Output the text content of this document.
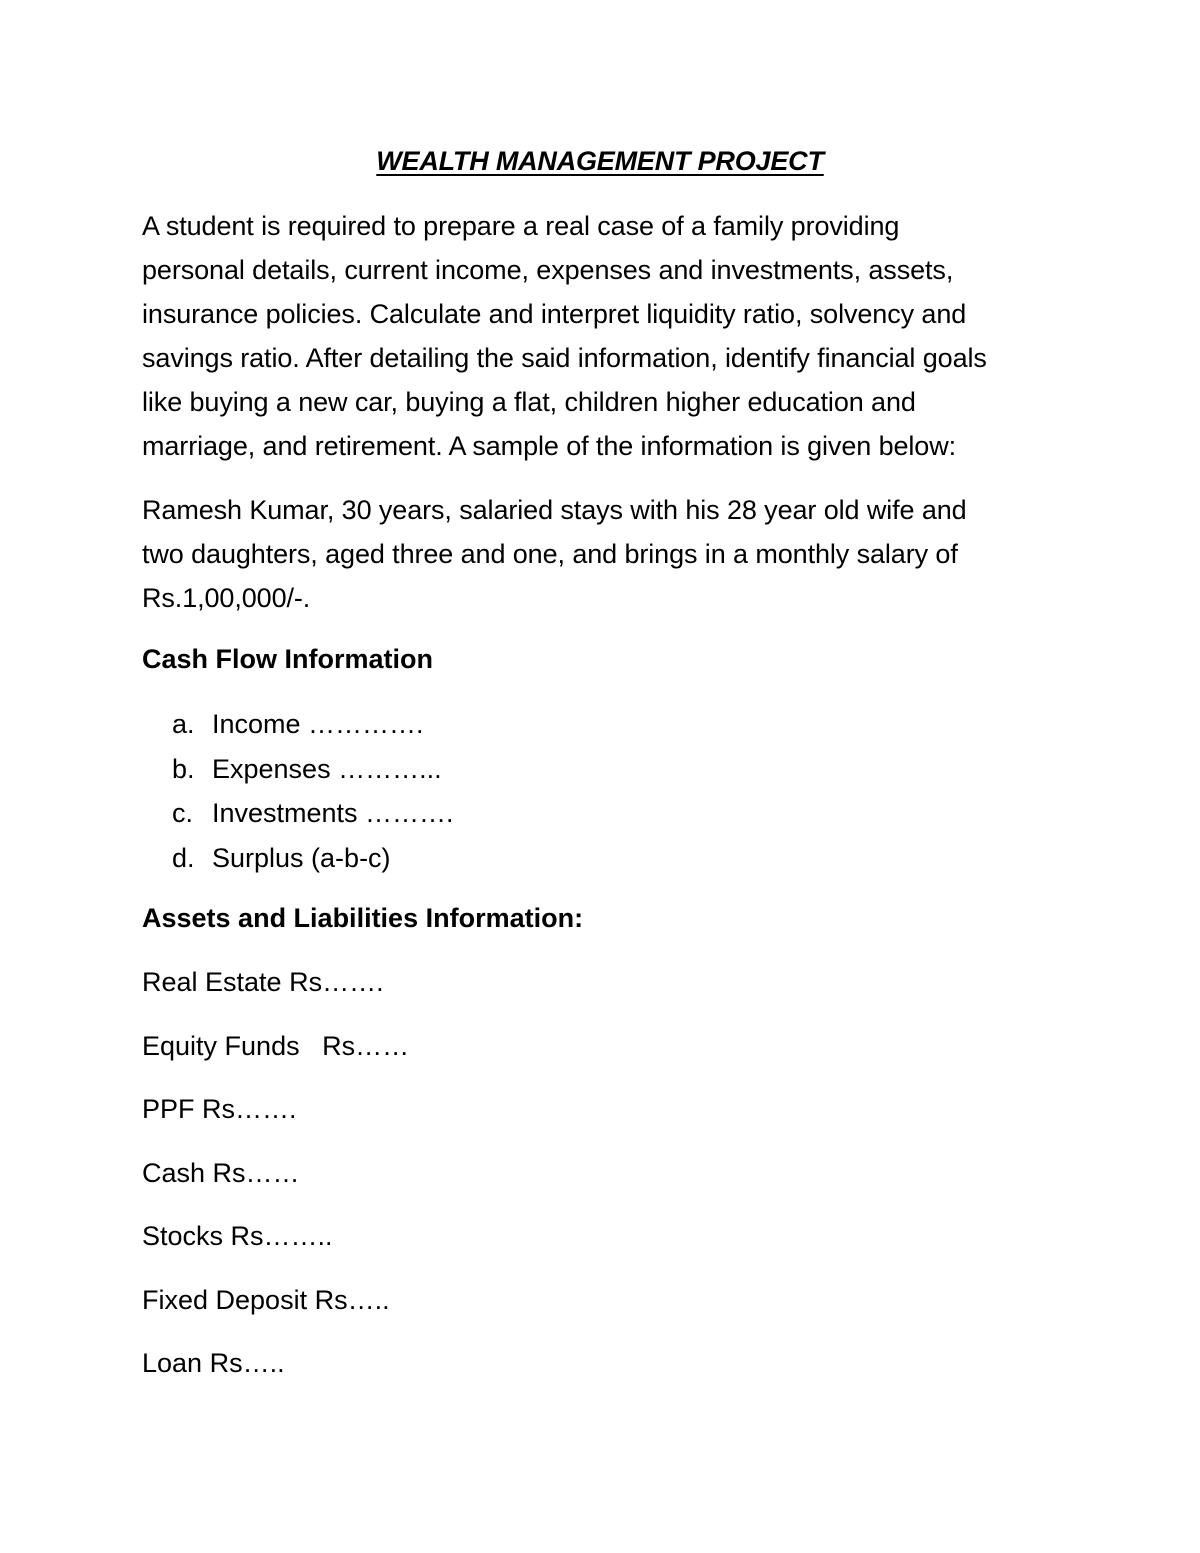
WEALTH MANAGEMENT PROJECT
A student is required to prepare a real case of a family providing
personal details, current income, expenses and investments, assets,
insurance policies. Calculate and interpret liquidity ratio, solvency and
savings ratio. After detailing the said information, identify financial goals
like buying a new car, buying a flat, children higher education and
marriage, and retirement. A sample of the information is given below:
Ramesh Kumar, 30 years, salaried stays with his 28 year old wife and
two daughters, aged three and one, and brings in a monthly salary of
Rs.1,00,000/-.
Cash Flow Information
a. Income ………….
b. Expenses ………...
c. Investments ……….
d. Surplus (a-b-c)
Assets and Liabilities Information:
Real Estate Rs…….
Equity Funds   Rs……
PPF Rs…….
Cash Rs……
Stocks Rs……..
Fixed Deposit Rs…..
Loan Rs…..
